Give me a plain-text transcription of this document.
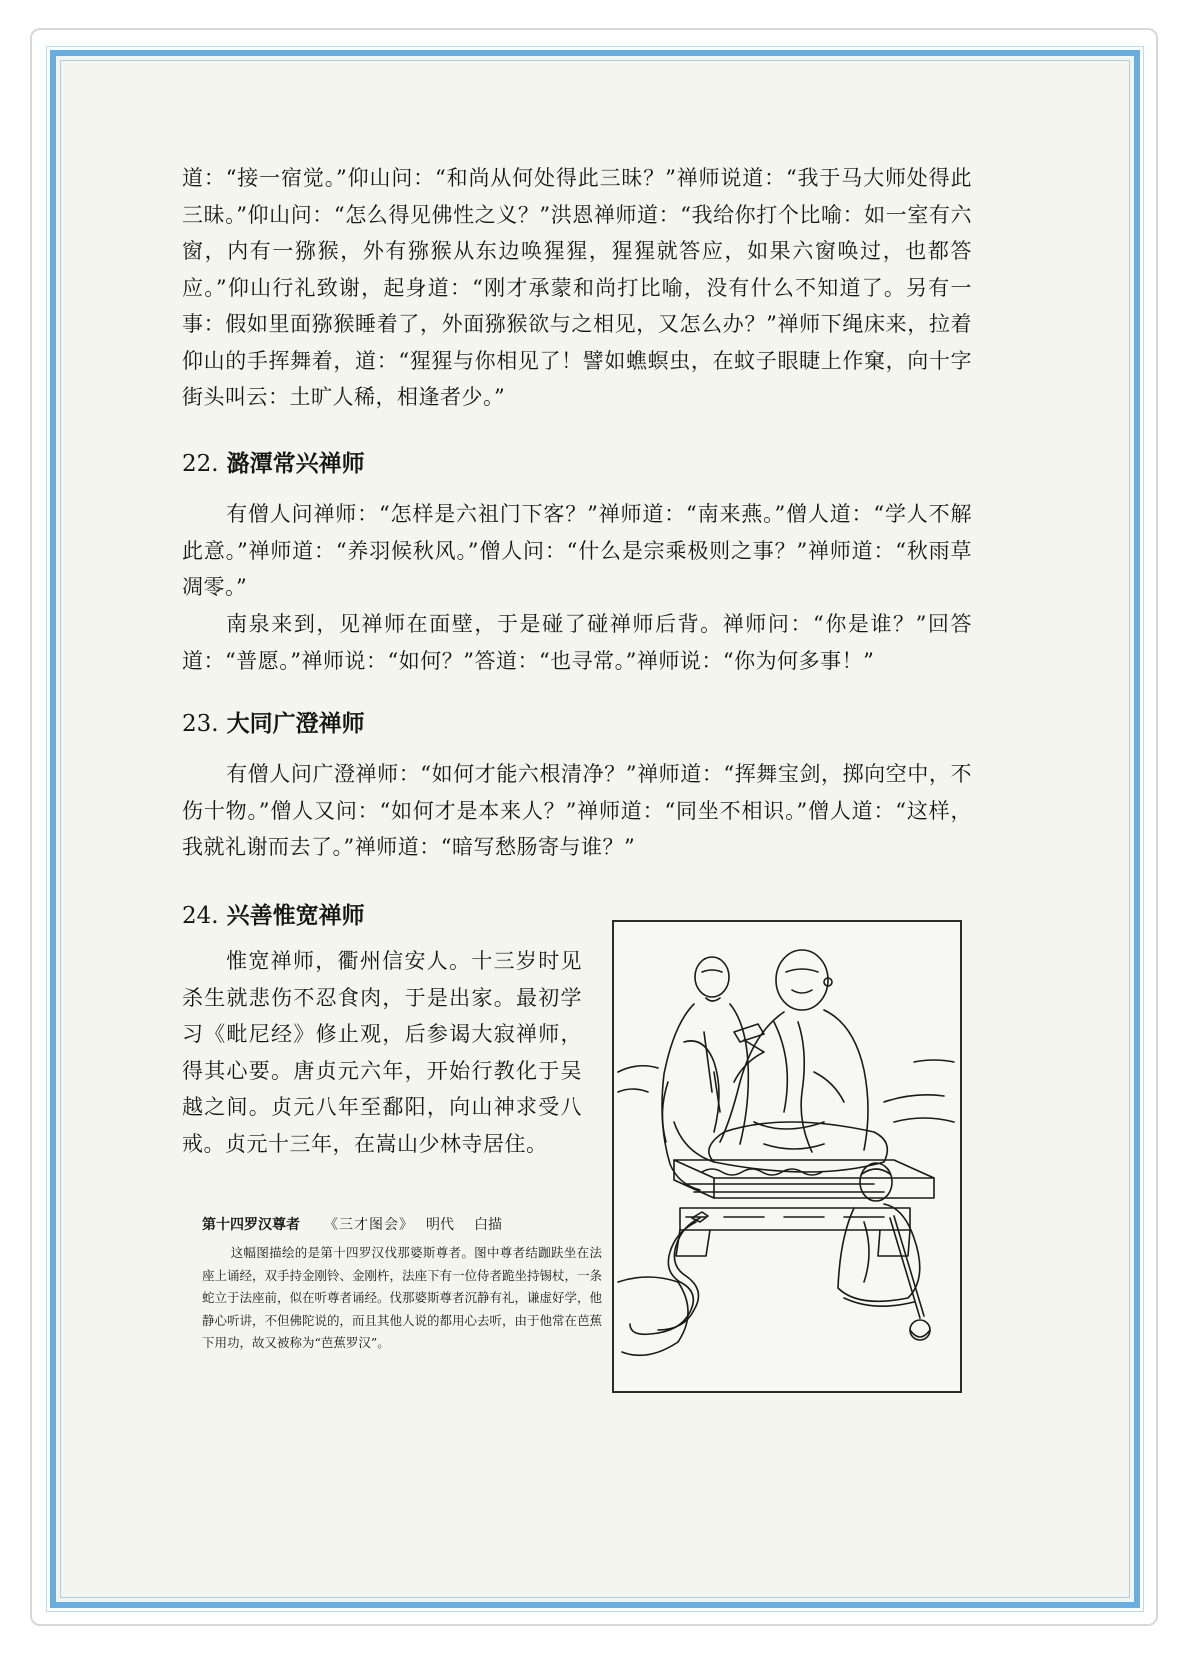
道：“接一宿觉。”仰山问：“和尚从何处得此三昧？”禅师说道：“我于马大师处得此三昧。”仰山问：“怎么得见佛性之义？”洪恩禅师道：“我给你打个比喻：如一室有六窗，内有一猕猴，外有猕猴从东边唤猩猩，猩猩就答应，如果六窗唤过，也都答应。”仰山行礼致谢，起身道：“刚才承蒙和尚打比喻，没有什么不知道了。另有一事：假如里面猕猴睡着了，外面猕猴欲与之相见，又怎么办？”禅师下绳床来，拉着仰山的手挥舞着，道：“猩猩与你相见了！譬如蟭螟虫，在蚊子眼睫上作窠，向十字街头叫云：土旷人稀，相逢者少。”

22. 潞潭常兴禅师

有僧人问禅师：“怎样是六祖门下客？”禅师道：“南来燕。”僧人道：“学人不解此意。”禅师道：“养羽候秋风。”僧人问：“什么是宗乘极则之事？”禅师道：“秋雨草凋零。”

南泉来到，见禅师在面壁，于是碰了碰禅师后背。禅师问：“你是谁？”回答道：“普愿。”禅师说：“如何？”答道：“也寻常。”禅师说：“你为何多事！”

23. 大同广澄禅师

有僧人问广澄禅师：“如何才能六根清净？”禅师道：“挥舞宝剑，掷向空中，不伤十物。”僧人又问：“如何才是本来人？”禅师道：“同坐不相识。”僧人道：“这样，我就礼谢而去了。”禅师道：“暗写愁肠寄与谁？”

24. 兴善惟宽禅师

惟宽禅师，衢州信安人。十三岁时见杀生就悲伤不忍食肉，于是出家。最初学习《毗尼经》修止观，后参谒大寂禅师，得其心要。唐贞元六年，开始行教化于吴越之间。贞元八年至鄱阳，向山神求受八戒。贞元十三年，在嵩山少林寺居住。

第十四罗汉尊者 《三才图会》 明代 白描

这幅图描绘的是第十四罗汉伐那婆斯尊者。图中尊者结跏趺坐在法座上诵经，双手持金刚铃、金刚杵，法座下有一位侍者跪坐持锡杖，一条蛇立于法座前，似在听尊者诵经。伐那婆斯尊者沉静有礼，谦虚好学，他静心听讲，不但佛陀说的，而且其他人说的都用心去听，由于他常在芭蕉下用功，故又被称为“芭蕉罗汉”。
